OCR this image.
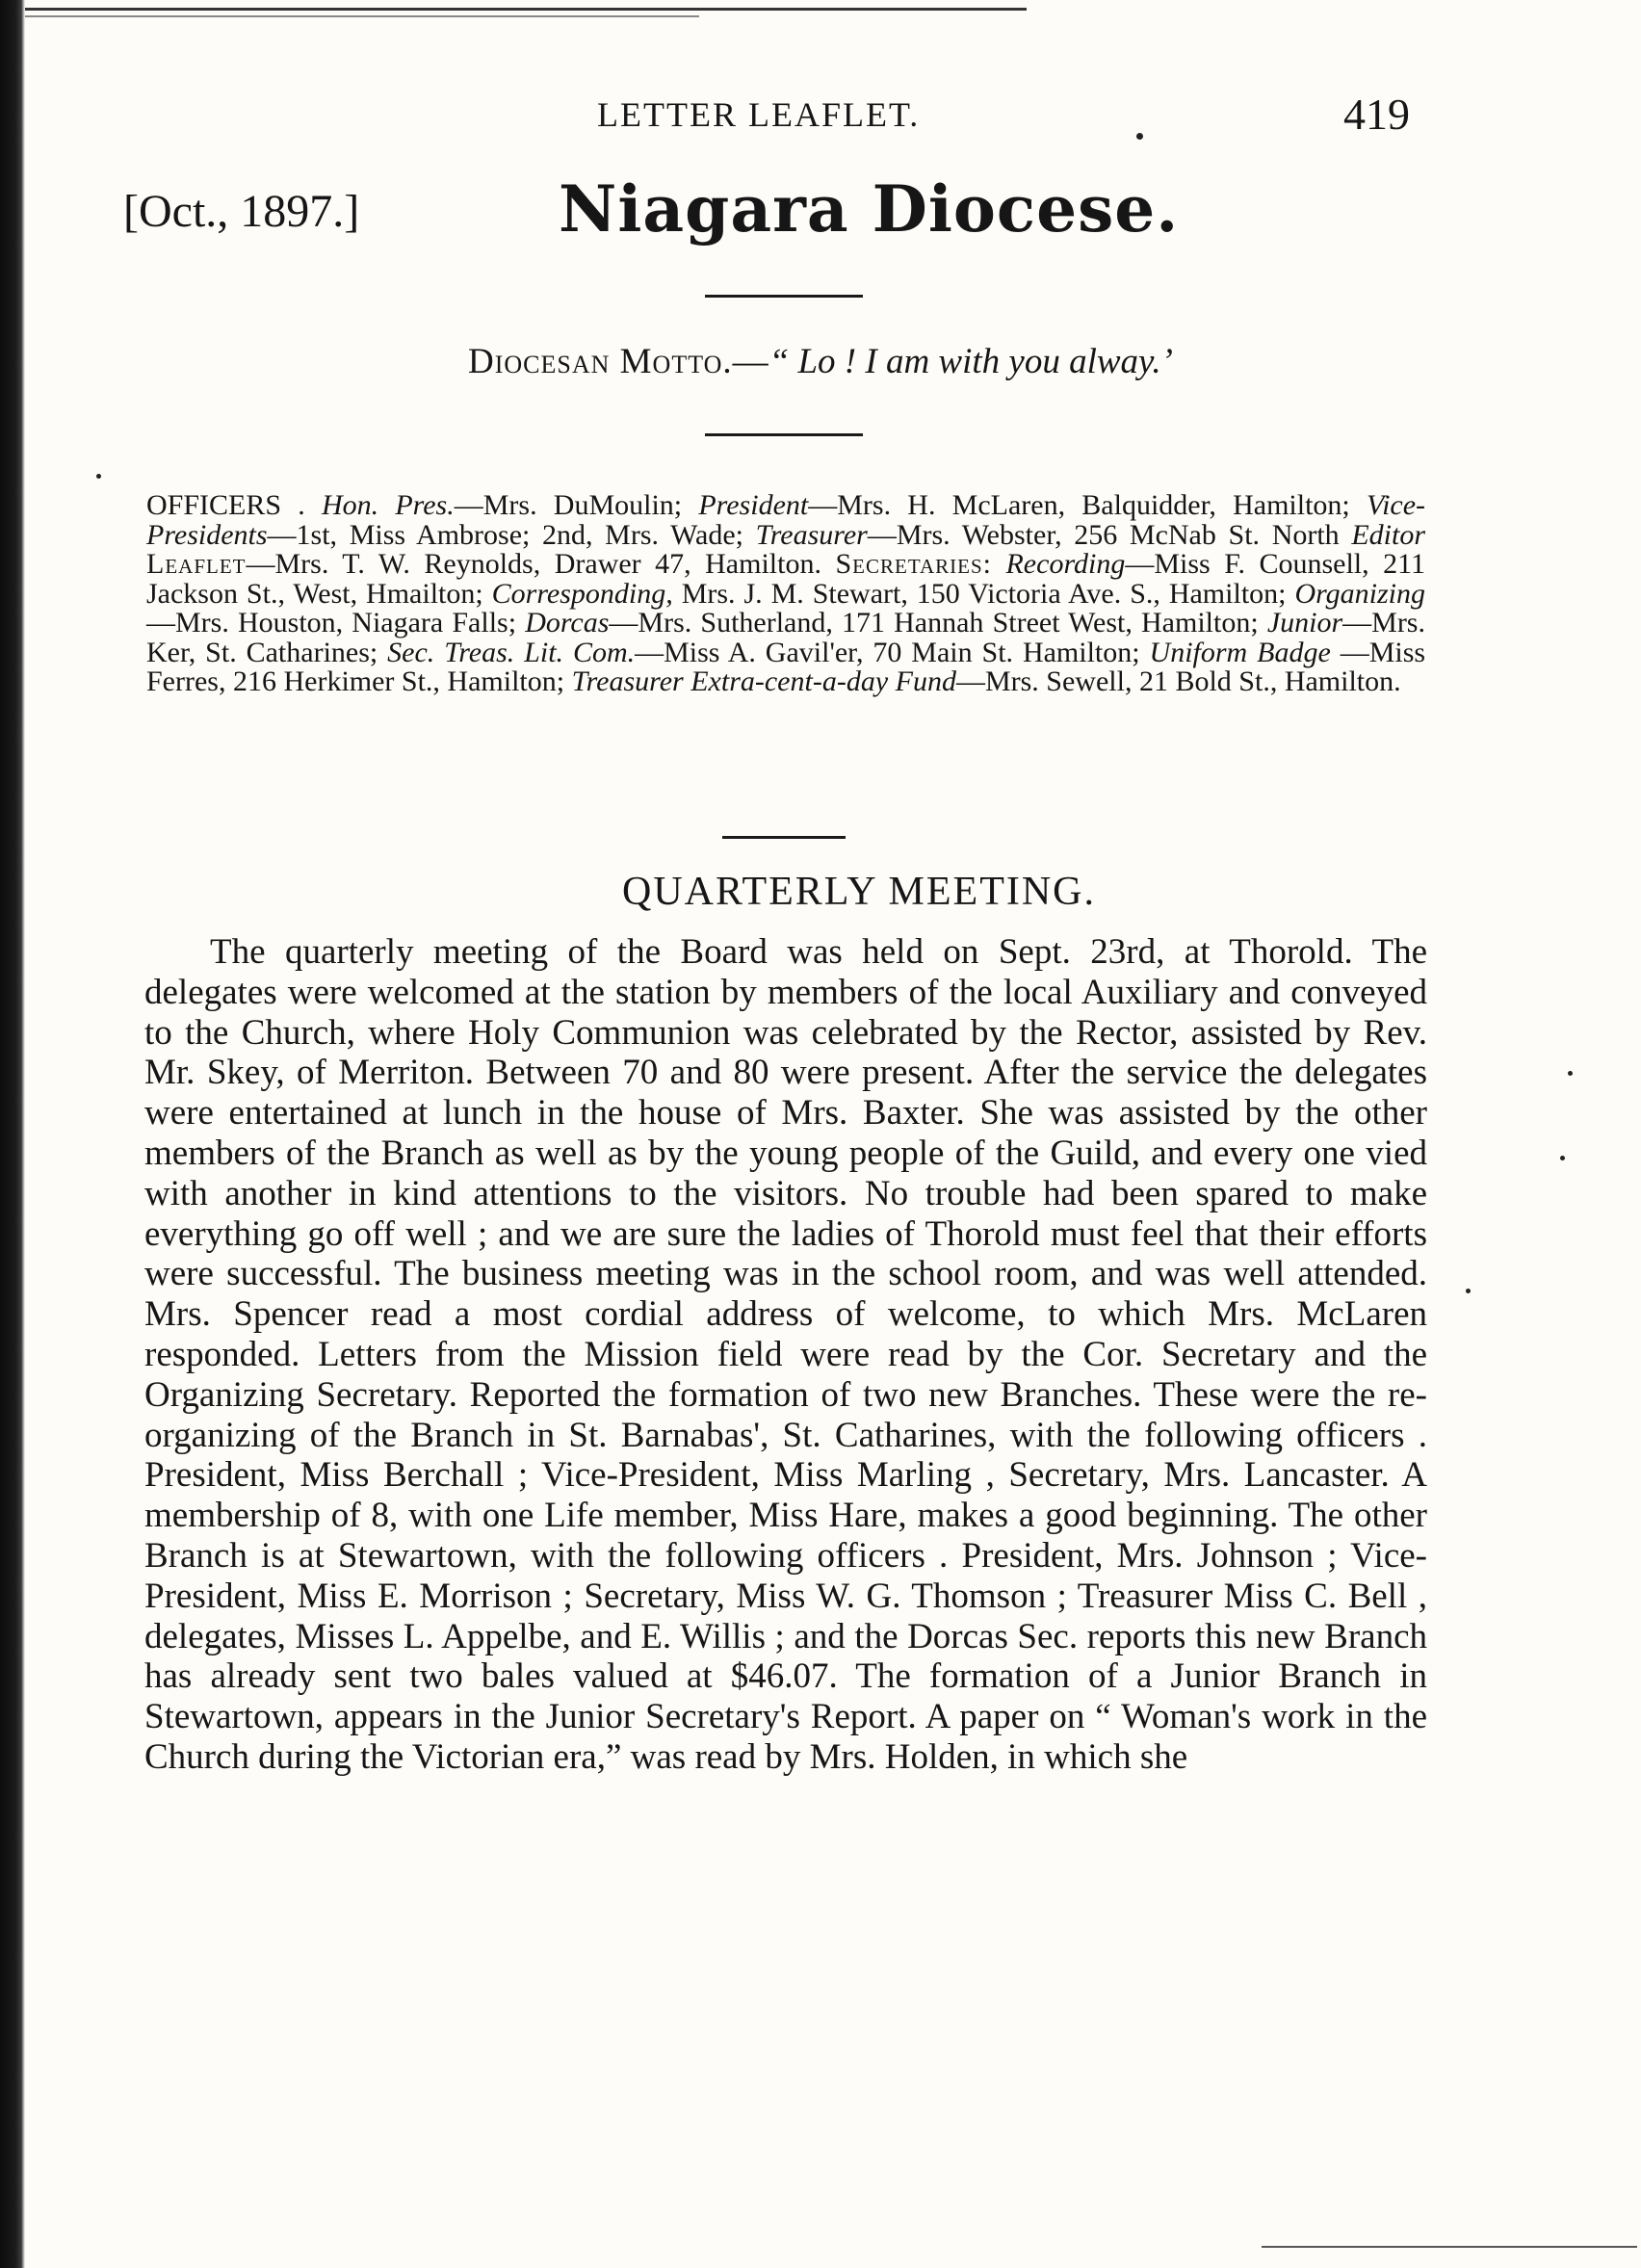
LETTER LEAFLET.	419
[Oct., 1897.]	Niagara Diocese.
Diocesan Motto.—“ Lo ! I am with you alway.’
OFFICERS . Hon. Pres.—Mrs. DuMoulin; President—Mrs. H. McLaren, Balquidder, Hamilton; Vice-Presidents—1st, Miss Ambrose; 2nd, Mrs. Wade; Treasurer—Mrs. Webster, 256 McNab St. North Editor Leaflet—Mrs. T. W. Reynolds, Drawer 47, Hamilton. Secretaries: Recording—Miss F. Counsell, 211 Jackson St., West, Hmailton; Corresponding, Mrs. J. M. Stewart, 150 Victoria Ave. S., Hamilton; Organizing—Mrs. Houston, Niagara Falls; Dorcas—Mrs. Sutherland, 171 Hannah Street West, Hamilton; Junior—Mrs. Ker, St. Catharines; Sec. Treas. Lit. Com.—Miss A. Gavil'er, 70 Main St. Hamilton; Uniform Badge —Miss Ferres, 216 Herkimer St., Hamilton; Treasurer Extra-cent-a-day Fund—Mrs. Sewell, 21 Bold St., Hamilton.
QUARTERLY MEETING.

The quarterly meeting of the Board was held on Sept. 23rd, at Thorold. The delegates were welcomed at the station by members of the local Auxiliary and conveyed to the Church, where Holy Communion was celebrated by the Rector, assisted by Rev. Mr. Skey, of Merriton. Between 70 and 80 were present. After the service the delegates were entertained at lunch in the house of Mrs. Baxter. She was assisted by the other members of the Branch as well as by the young people of the Guild, and every one vied with another in kind attentions to the visitors. No trouble had been spared to make everything go off well ; and we are sure the ladies of Thorold must feel that their efforts were successful. The business meeting was in the school room, and was well attended. Mrs. Spencer read a most cordial address of welcome, to which Mrs. McLaren responded. Letters from the Mission field were read by the Cor. Secretary and the Organizing Secretary. Reported the formation of two new Branches. These were the re-organizing of the Branch in St. Barnabas', St. Catharines, with the following officers . President, Miss Berchall ; Vice-President, Miss Marling , Secretary, Mrs. Lancaster. A membership of 8, with one Life member, Miss Hare, makes a good beginning. The other Branch is at Stewartown, with the following officers . President, Mrs. Johnson ; Vice-President, Miss E. Morrison ; Secretary, Miss W. G. Thomson ; Treasurer Miss C. Bell , delegates, Misses L. Appelbe, and E. Willis ; and the Dorcas Sec. reports this new Branch has already sent two bales valued at $46.07. The formation of a Junior Branch in Stewartown, appears in the Junior Secretary's Report. A paper on “ Woman's work in the Church during the Victorian era,” was read by Mrs. Holden, in which she
